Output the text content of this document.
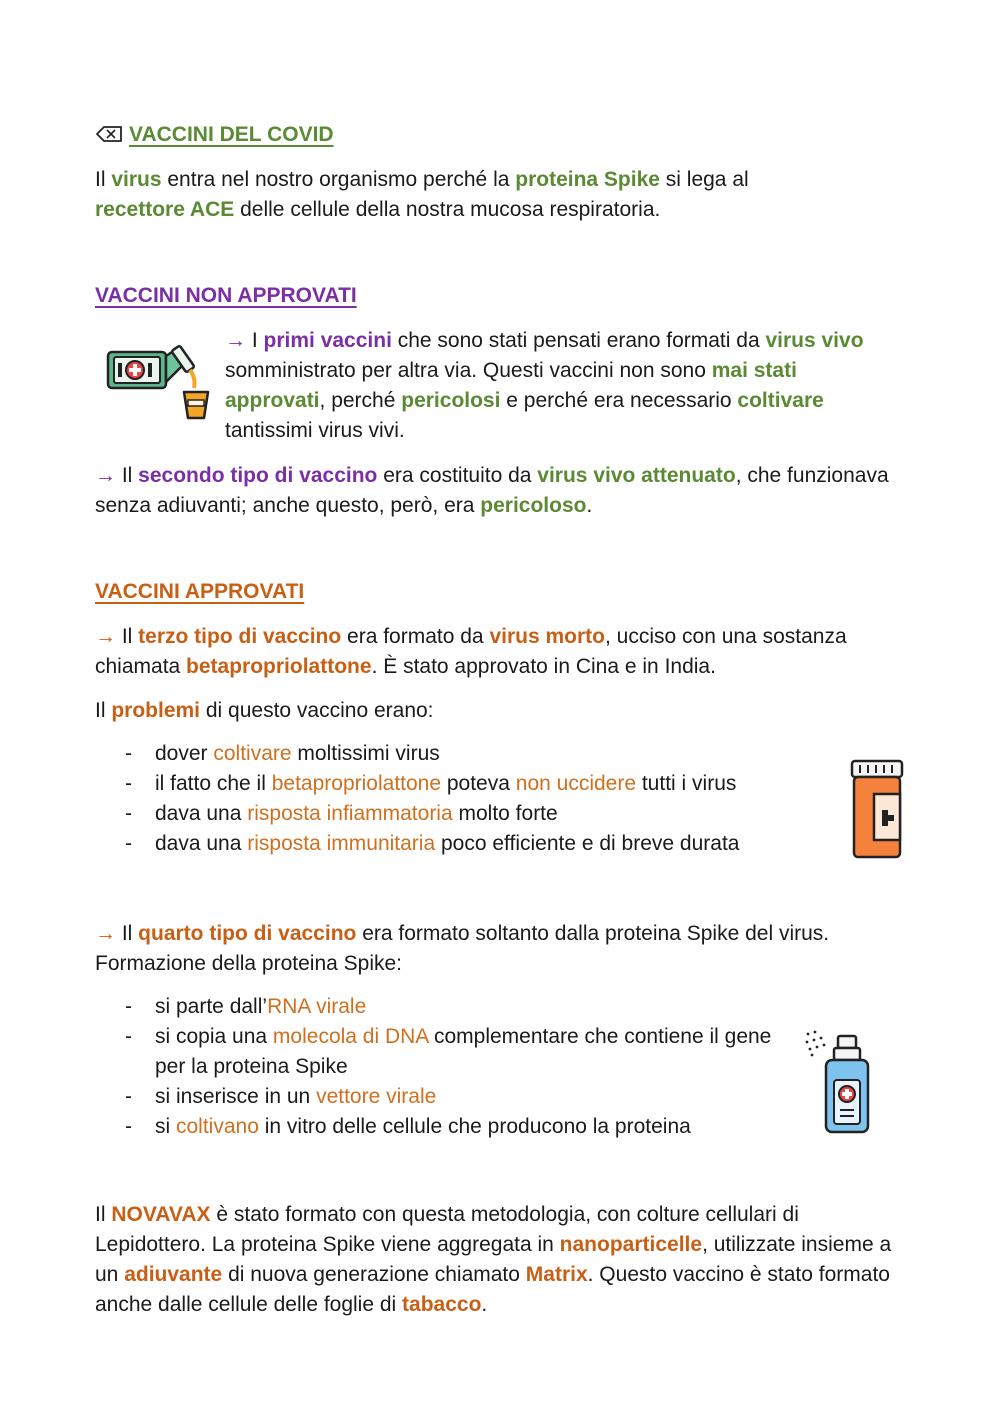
VACCINI DEL COVID

Il virus entra nel nostro organismo perché la proteina Spike si lega al
recettore ACE delle cellule della nostra mucosa respiratoria.

VACCINI NON APPROVATI

→ I primi vaccini che sono stati pensati erano formati da virus vivo somministrato per altra via. Questi vaccini non sono mai stati approvati, perché pericolosi e perché era necessario coltivare tantissimi virus vivi.

→ Il secondo tipo di vaccino era costituito da virus vivo attenuato, che funzionava senza adiuvanti; anche questo, però, era pericoloso.

VACCINI APPROVATI

→ Il terzo tipo di vaccino era formato da virus morto, ucciso con una sostanza chiamata betapropriolattone. È stato approvato in Cina e in India.

Il problemi di questo vaccino erano:

- dover coltivare moltissimi virus
- il fatto che il betapropriolattone poteva non uccidere tutti i virus
- dava una risposta infiammatoria molto forte
- dava una risposta immunitaria poco efficiente e di breve durata

→ Il quarto tipo di vaccino era formato soltanto dalla proteina Spike del virus.
Formazione della proteina Spike:

- si parte dall’RNA virale
- si copia una molecola di DNA complementare che contiene il gene per la proteina Spike
- si inserisce in un vettore virale
- si coltivano in vitro delle cellule che producono la proteina

Il NOVAVAX è stato formato con questa metodologia, con colture cellulari di Lepidottero. La proteina Spike viene aggregata in nanoparticelle, utilizzate insieme a un adiuvante di nuova generazione chiamato Matrix. Questo vaccino è stato formato anche dalle cellule delle foglie di tabacco.
